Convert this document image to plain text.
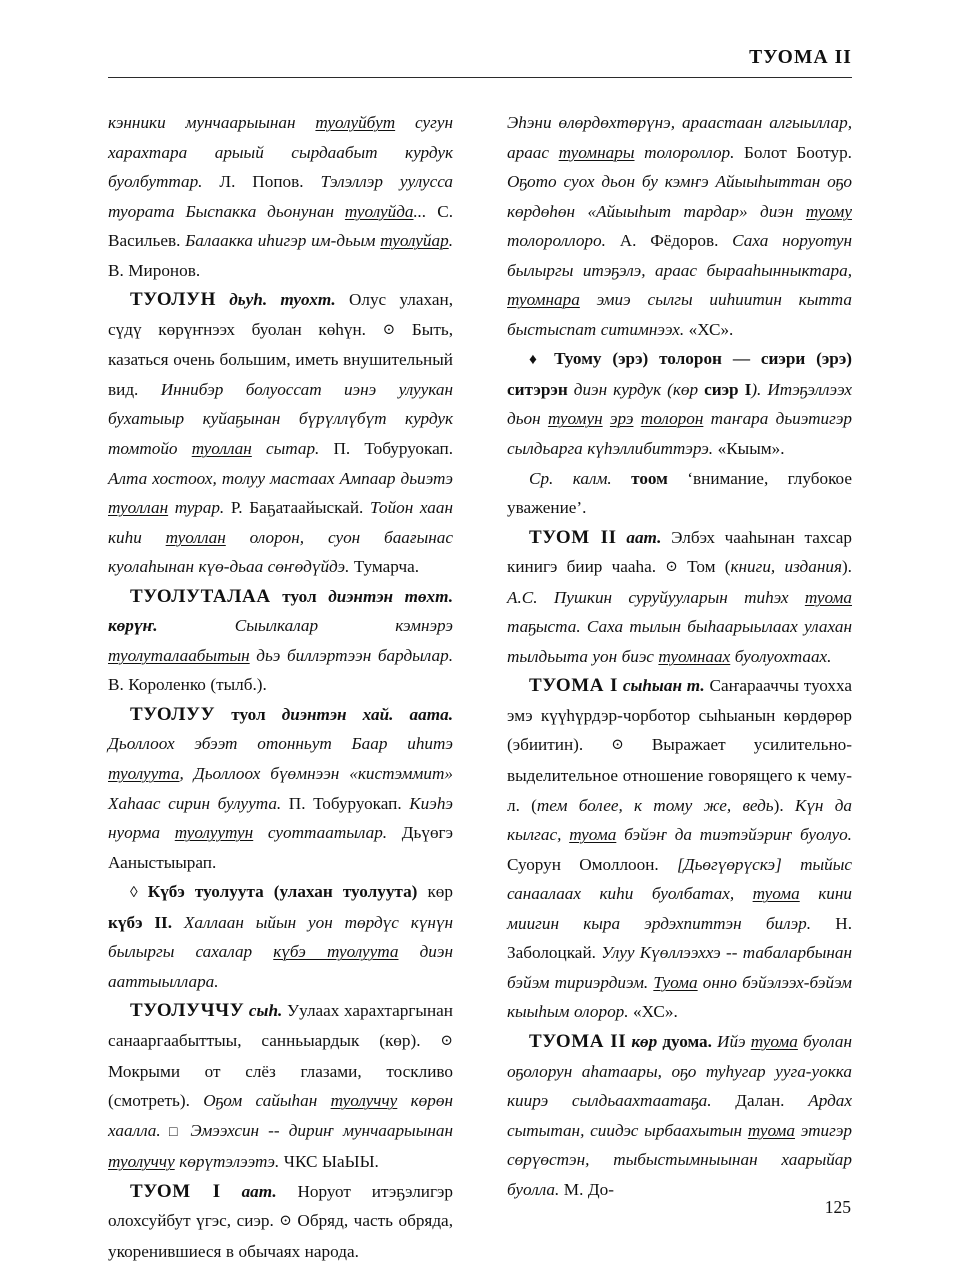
ТУОМА II

кэнники мунчаарыынан туолуйбут сугун харахтара арыый сырдаабыт курдук буолбуттар. Л. Попов. Тэлэллэр уулусса туората Быспакка дьонунан туолуйда... С. Васильев. Балаакка иһигэр им-дьым туолуйар. В. Миронов.

ТУОЛУН дьуһ. туохт. Олус улахан, сүдү көрүҥнээх буолан көһүн. ⊙ Быть, казаться очень большим, иметь внушительный вид. Иннибэр болуоссат иэнэ улуукан бухатыыр куйаҕынан бүрүллүбүт курдук томтойо туоллан сытар. П. Тобуруокап. Алта хостоох, толуу мастаах Ампаар дьиэтэ туоллан турар. Р. Баҕатаайыскай. Тойон хаан киһи туоллан олорон, суон баағынас куолаһынан күө-дьаа сөҥөдүйдэ. Тумарча.

ТУОЛУТАЛАА туол диэнтэн төхт. көрүҥ. Сыылкалар кэмнэрэ туолуталаабытын дьэ биллэртээн бардылар. В. Короленко (тылб.).

ТУОЛУУ туол диэнтэн хай. аата. Дьоллоох эбээт отонньут Баар иһитэ туолуута, Дьоллоох бүөмнээн «кистэммит» Хаһаас сирин булуута. П. Тобуруокап. Киэһэ нуорма туолуутун суоттаатылар. Дьүөгэ Ааныстыырап.

◊ Күбэ туолуута (улахан туолуута) көр күбэ II. Халлаан ыйын уон төрдүс күнүн былыргы сахалар күбэ туолуута диэн ааттыыллара.

ТУОЛУЧЧУ сыһ. Уулаах харахтаргынан санааргаабыттыы, санньыардык (көр). ⊙ Мокрыми от слёз глазами, тоскливо (смотреть). Оҕом сайыһан туолуччу көрөн хаалла. □ Эмээхсин -- дириҥ мунчаарыынан туолуччу көрүтэлээтэ. ЧКС ЫаЫЫ.

ТУОМ I аат. Норуот итэҕэлигэр олохсуйбут үгэс, сиэр. ⊙ Обряд, часть обряда, укоренившиеся в обычаях народа.

Эһэни өлөрдөхтөрүнэ, араастаан алгыыллар, араас туомнары толороллор. Болот Боотур. Оҕото суох дьон бу кэмҥэ Айыыһыттан оҕо көрдөһөн «Айыыһыт тардар» диэн туому толороллоро. А. Фёдоров. Саха норуотун былыргы итэҕэлэ, араас бырааһынныктара, туомнара эмиэ сылгы ииһиитин кытта быстыспат ситимнээх. «ХС».

♦ Туому (эрэ) толорон — сиэри (эрэ) ситэрэн диэн курдук (көр сиэр I). Итэҕэллээх дьон туомун эрэ толорон таҥара дьиэтигэр сылдьарга күһэллибиттэрэ. «Кыым».

Ср. калм. тоом ‘внимание, глубокое уважение’.

ТУОМ II аат. Элбэх чааһынан тахсар кинигэ биир чааһа. ⊙ Том (книги, издания). А.С. Пушкин суруйууларын тиһэх туома таҕыста. Саха тылын быһаарыылаах улахан тылдьыта уон биэс туомнаах буолуохтаах.

ТУОМА I сыһыан т. Саҥарааччы туохха эмэ күүһүрдэр-чорботор сыһыанын көрдөрөр (эбиитин). ⊙ Выражает усилительно-выделительное отношение говорящего к чему-л. (тем более, к тому же, ведь). Күн да кылгас, туома бэйэҥ да тиэтэйэриҥ буолуо. Суорун Омоллоон. [Дьөгүөрүскэ] тыйыс санаалаах киһи буолбатах, туома кини миигин кыра эрдэхпиттэн билэр. Н. Заболоцкай. Улуу Күөллээххэ -- табаларбынан бэйэм тириэрдиэм. Туома онно бэйэлээх-бэйэм кыыһым олорор. «ХС».

ТУОМА II көр дуома. Ийэ туома буолан оҕолорун аһатаары, оҕо туһугар ууга-уокка киирэ сылдьаахтаатаҕа. Далан. Ардах сытытан, сиидэс ырбаахытын туома этигэр сөрүөстэн, тыбыстымныынан хаарыйар буолла. М. До-

125
